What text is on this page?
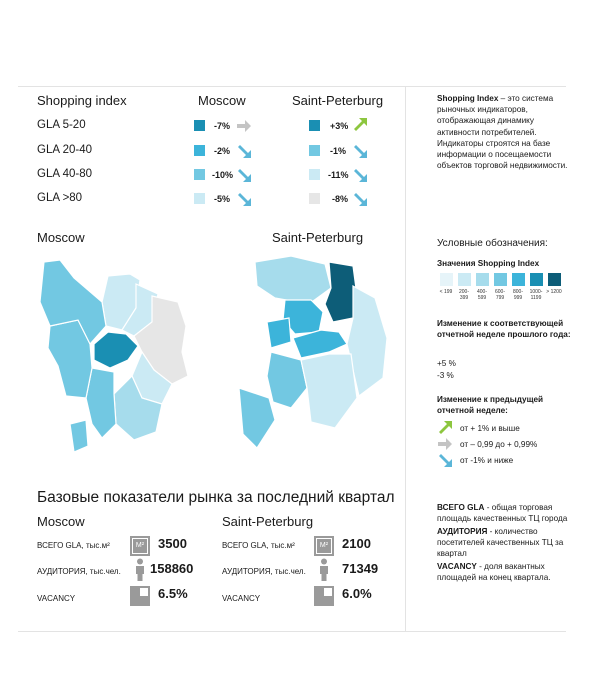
Shopping index	Moscow	Saint-Peterburg
GLA 5-20	-7%	+3%
GLA 20-40	-2%	-1%
GLA 40-80	-10%	-11%
GLA >80	-5%	-8%
Moscow	Saint-Peterburg
Базовые показатели рынка за последний квартал
Moscow
ВСЕГО GLA, тыс.м²	M²	3500
АУДИТОРИЯ, тыс.чел. 158860
VACANCY	6.5%
Saint-Peterburg
ВСЕГО GLA, тыс.м²	M²	2100
АУДИТОРИЯ, тыс.чел.	71349
VACANCY	6.0%
Shopping Index – это система рыночных индикаторов, отображающая динамику активности потребителей. Индикаторы строятся на базе информации о посещаемости объектов торговой недвижимости.
Условные обозначения:
Значения Shopping Index
< 199	200-399
400-599
600-799
800-999
1000-1199
> 1200
Изменение к соответствующей отчетной неделе прошлого года:
+5 %
-3 %
Изменение к предыдущей отчетной неделе:
от + 1% и выше
от – 0,99 до + 0,99%
от -1% и ниже
ВСЕГО GLA - общая торговая площадь качественных ТЦ города
АУДИТОРИЯ - количество посетителей качественных ТЦ за квартал
VACANCY - доля вакантных площадей на конец квартала.
